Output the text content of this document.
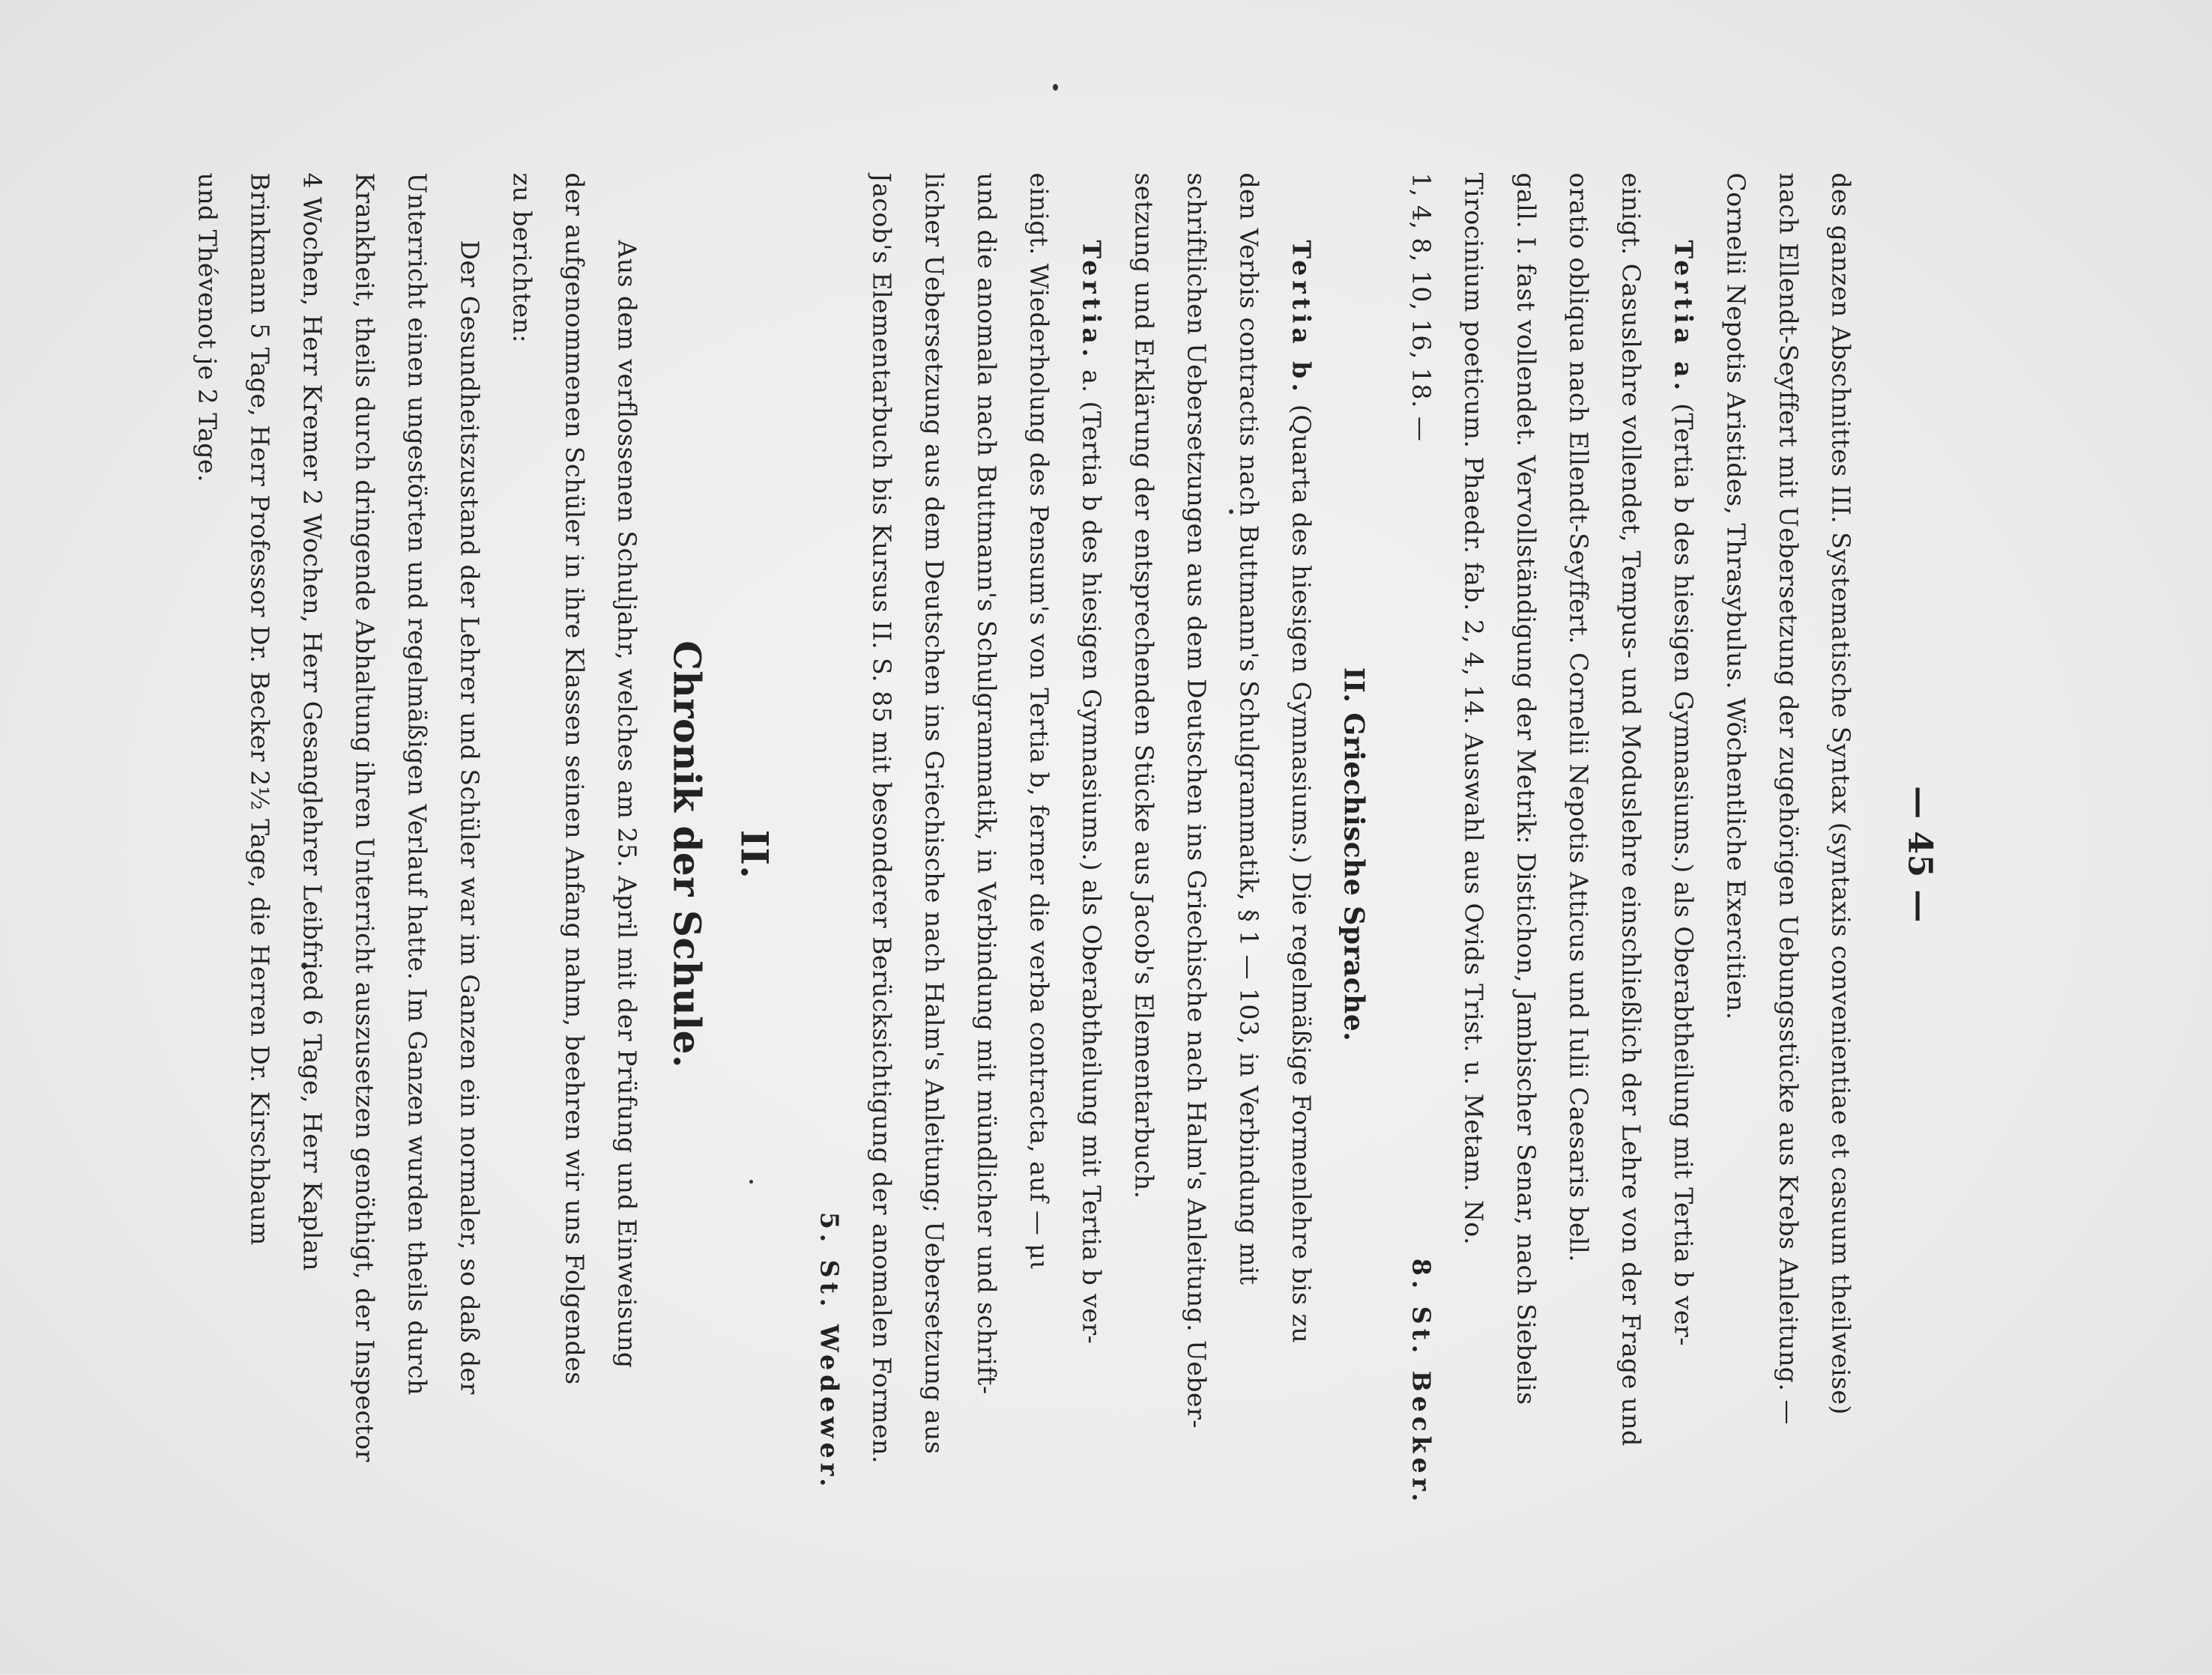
— 45 —
des ganzen Abschnittes III. Systematische Syntax (syntaxis convenientiae et casuum theilweise)
nach Ellendt-Seyffert mit Uebersetzung der zugehörigen Uebungsstücke aus Krebs Anleitung. —
Cornelii Nepotis Aristides, Thrasybulus. Wöchentliche Exercitien.
Tertia a. (Tertia b des hiesigen Gymnasiums.) als Oberabtheilung mit Tertia b ver-
einigt. Casuslehre vollendet, Tempus- und Moduslehre einschließlich der Lehre von der Frage und
oratio obliqua nach Ellendt-Seyffert. Cornelii Nepotis Atticus und Iulii Caesaris bell.
gall. I. fast vollendet. Vervollständigung der Metrik: Distichon, Jambischer Senar, nach Siebelis
Tirocinium poeticum. Phaedr. fab. 2, 4, 14. Auswahl aus Ovids Trist. u. Metam. No.
1, 4, 8, 10, 16, 18. —
8. St. Becker.
II. Griechische Sprache.
Tertia b. (Quarta des hiesigen Gymnasiums.) Die regelmäßige Formenlehre bis zu
den Verbis contractis nach Buttmann's Schulgrammatik, § 1 — 103, in Verbindung mit
schriftlichen Uebersetzungen aus dem Deutschen ins Griechische nach Halm's Anleitung. Ueber-
setzung und Erklärung der entsprechenden Stücke aus Jacob's Elementarbuch.
Tertia. a. (Tertia b des hiesigen Gymnasiums.) als Oberabtheilung mit Tertia b ver-
einigt. Wiederholung des Pensum's von Tertia b, ferner die verba contracta, auf — μι
und die anomala nach Buttmann's Schulgrammatik, in Verbindung mit mündlicher und schrift-
licher Uebersetzung aus dem Deutschen ins Griechische nach Halm's Anleitung; Uebersetzung aus
Jacob's Elementarbuch bis Kursus II. S. 85 mit besonderer Berücksichtigung der anomalen Formen.
5. St. Wedewer.
II.
Chronik der Schule.
Aus dem verflossenen Schuljahr, welches am 25. April mit der Prüfung und Einweisung
der aufgenommenen Schüler in ihre Klassen seinen Anfang nahm, beehren wir uns Folgendes
zu berichten:
Der Gesundheitszustand der Lehrer und Schüler war im Ganzen ein normaler, so daß der
Unterricht einen ungestörten und regelmäßigen Verlauf hatte. Im Ganzen wurden theils durch
Krankheit, theils durch dringende Abhaltung ihren Unterricht auszusetzen genöthigt, der Inspector
4 Wochen, Herr Kremer 2 Wochen, Herr Gesanglehrer Leibfried 6 Tage, Herr Kaplan
Brinkmann 5 Tage, Herr Professor Dr. Becker 2½ Tage, die Herren Dr. Kirschbaum
und Thévenot je 2 Tage.
